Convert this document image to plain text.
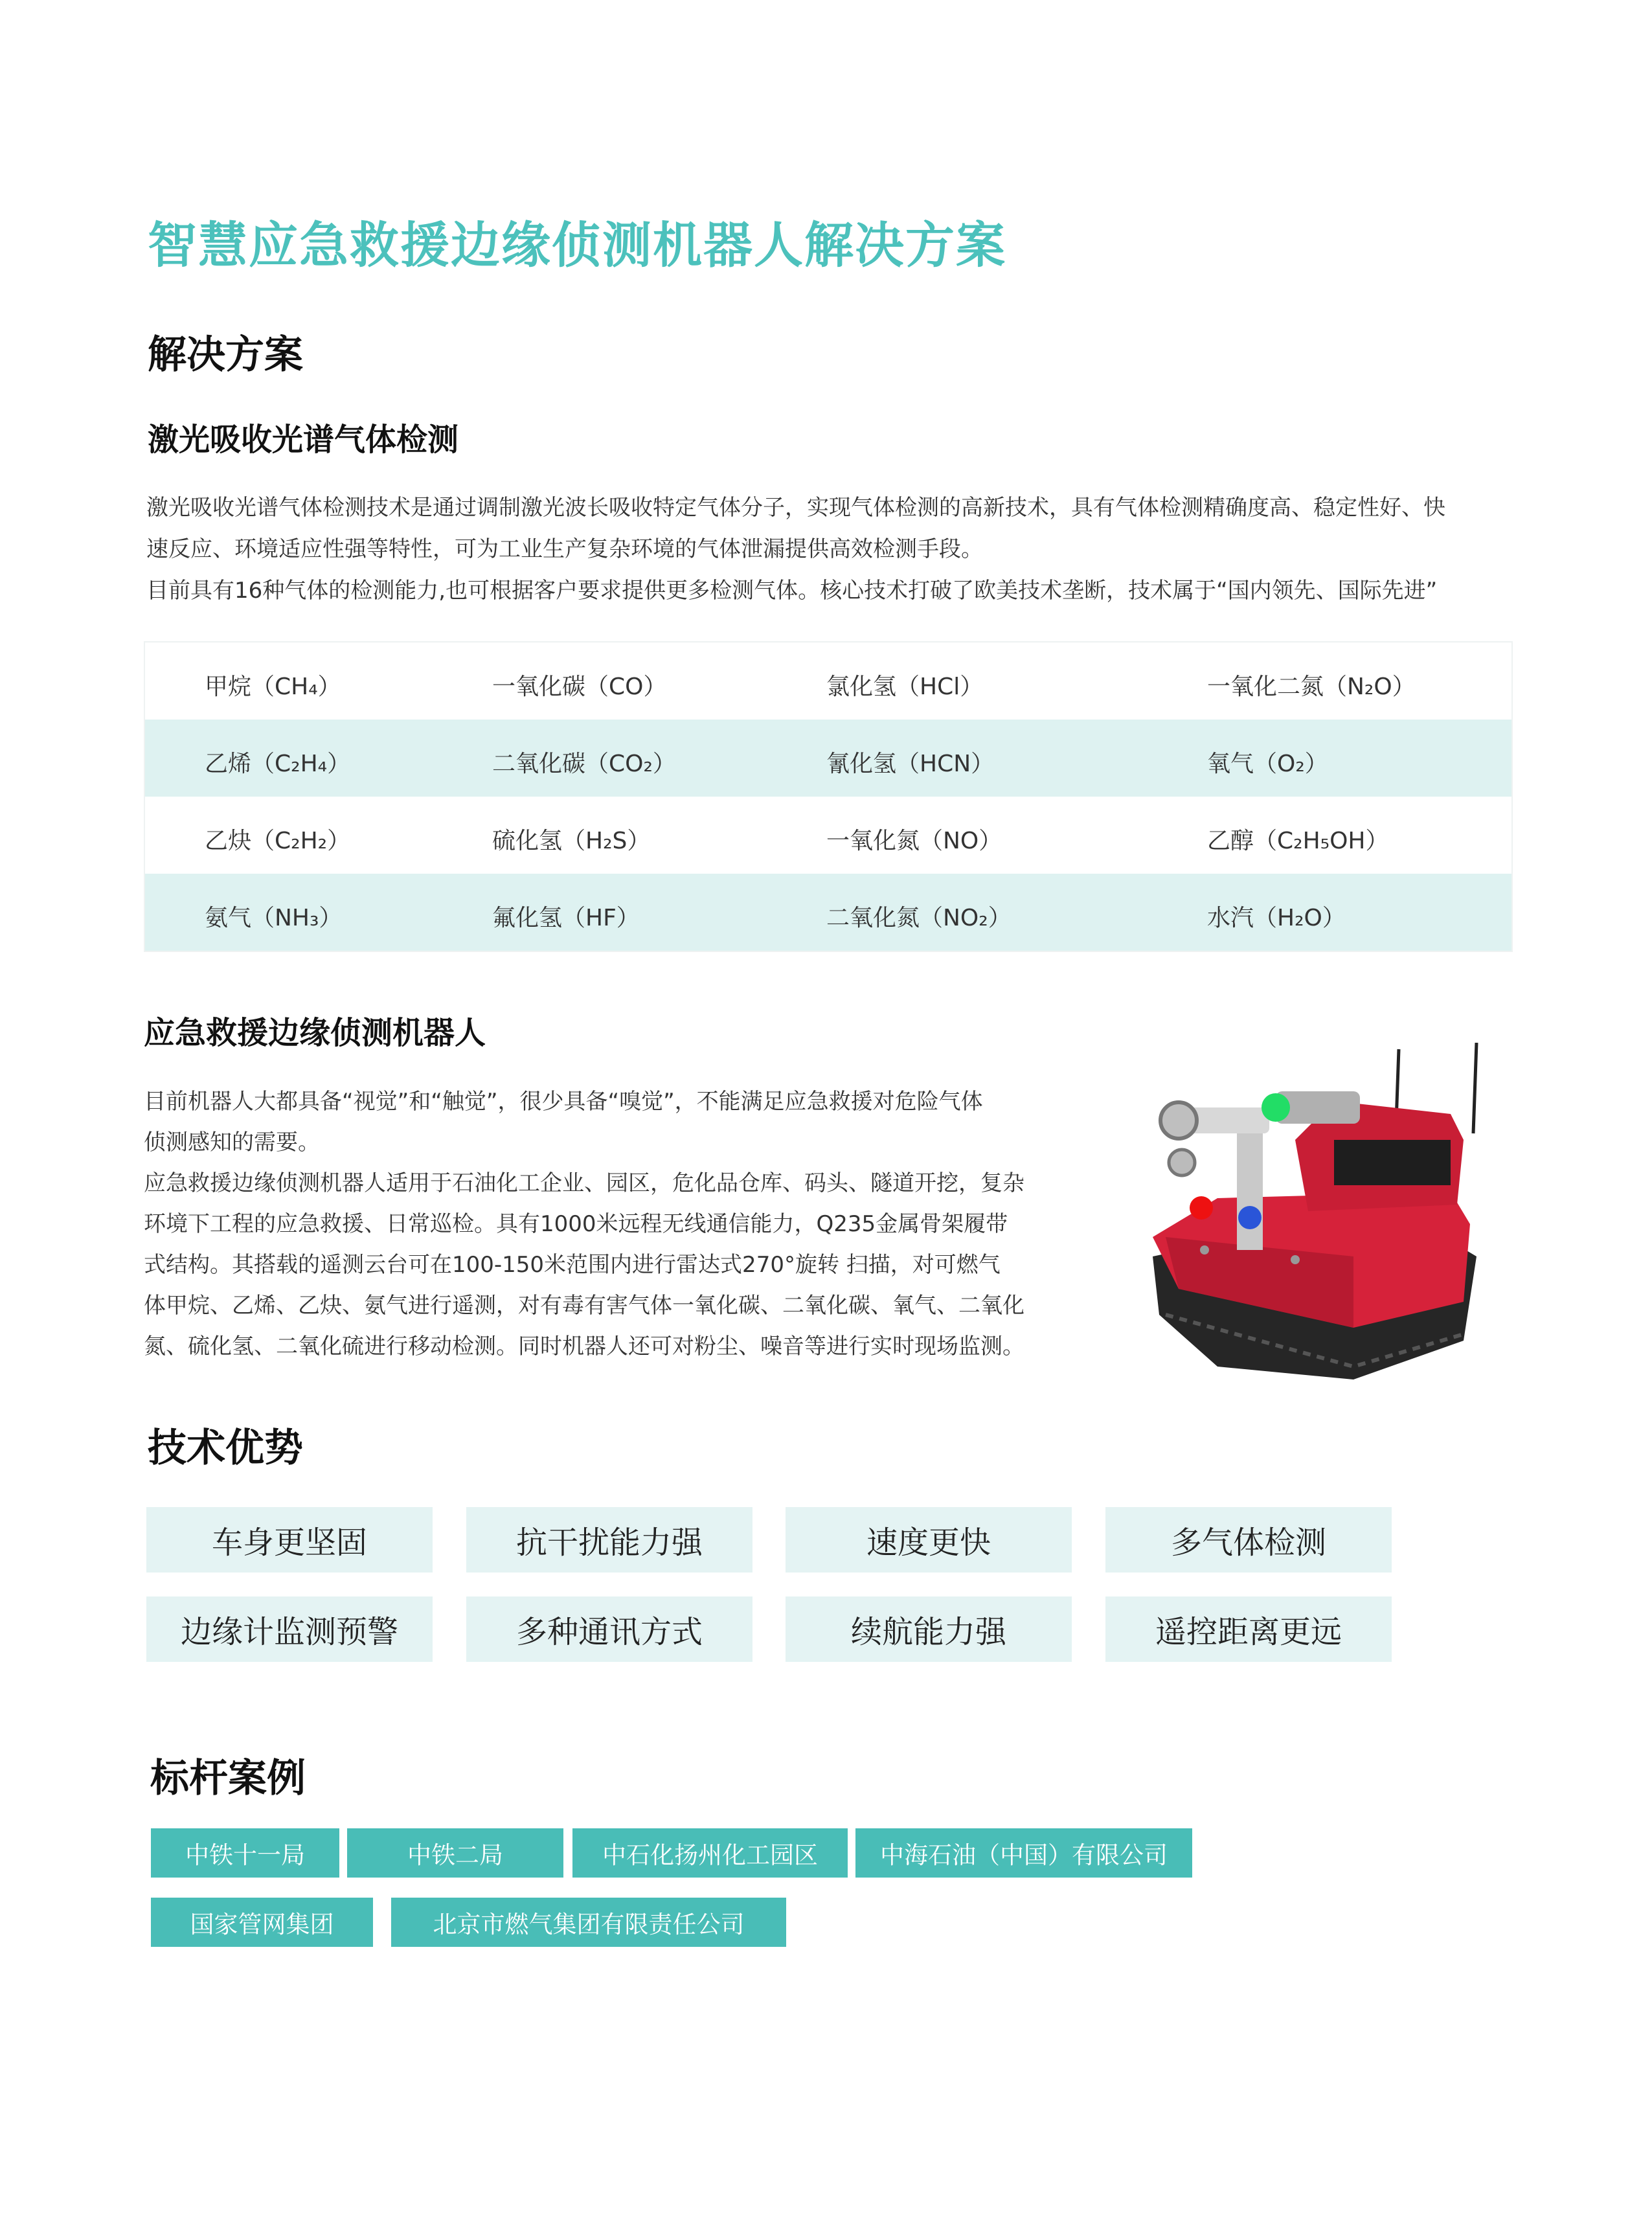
智慧应急救援边缘侦测机器人解决方案
解决方案
激光吸收光谱气体检测

激光吸收光谱气体检测技术是通过调制激光波长吸收特定气体分子，实现气体检测的高新技术，具有气体检测精确度高、稳定性好、快

速反应、环境适应性强等特性，可为工业生产复杂环境的气体泄漏提供高效检测手段。

目前具有16种气体的检测能力,也可根据客户要求提供更多检测气体。核心技术打破了欧美技术垄断，技术属于“国内领先、国际先进”

甲烷（CH₄）	一氧化碳（CO）	氯化氢（HCl）	一氧化二氮（N₂O）
乙烯（C₂H₄）	二氧化碳（CO₂）	氰化氢（HCN）	氧气（O₂）
乙炔（C₂H₂）	硫化氢（H₂S）	一氧化氮（NO）	乙醇（C₂H₅OH）
氨气（NH₃）	氟化氢（HF）	二氧化氮（NO₂）	水汽（H₂O）
应急救援边缘侦测机器人

目前机器人大都具备“视觉”和“触觉”，很少具备“嗅觉”，不能满足应急救援对危险气体

侦测感知的需要。

应急救援边缘侦测机器人适用于石油化工企业、园区，危化品仓库、码头、隧道开挖，复杂

环境下工程的应急救援、日常巡检。具有1000米远程无线通信能力，Q235金属骨架履带

式结构。其搭载的遥测云台可在100-150米范围内进行雷达式270°旋转 扫描，对可燃气

体甲烷、乙烯、乙炔、氨气进行遥测，对有毒有害气体一氧化碳、二氧化碳、氧气、二氧化

氮、硫化氢、二氧化硫进行移动检测。同时机器人还可对粉尘、噪音等进行实时现场监测。

技术优势
车身更坚固	抗干扰能力强	速度更快	多气体检测
边缘计监测预警	多种通讯方式	续航能力强	遥控距离更远
标杆案例
中铁十一局	中铁二局	中石化扬州化工园区	中海石油（中国）有限公司
国家管网集团	北京市燃气集团有限责任公司
